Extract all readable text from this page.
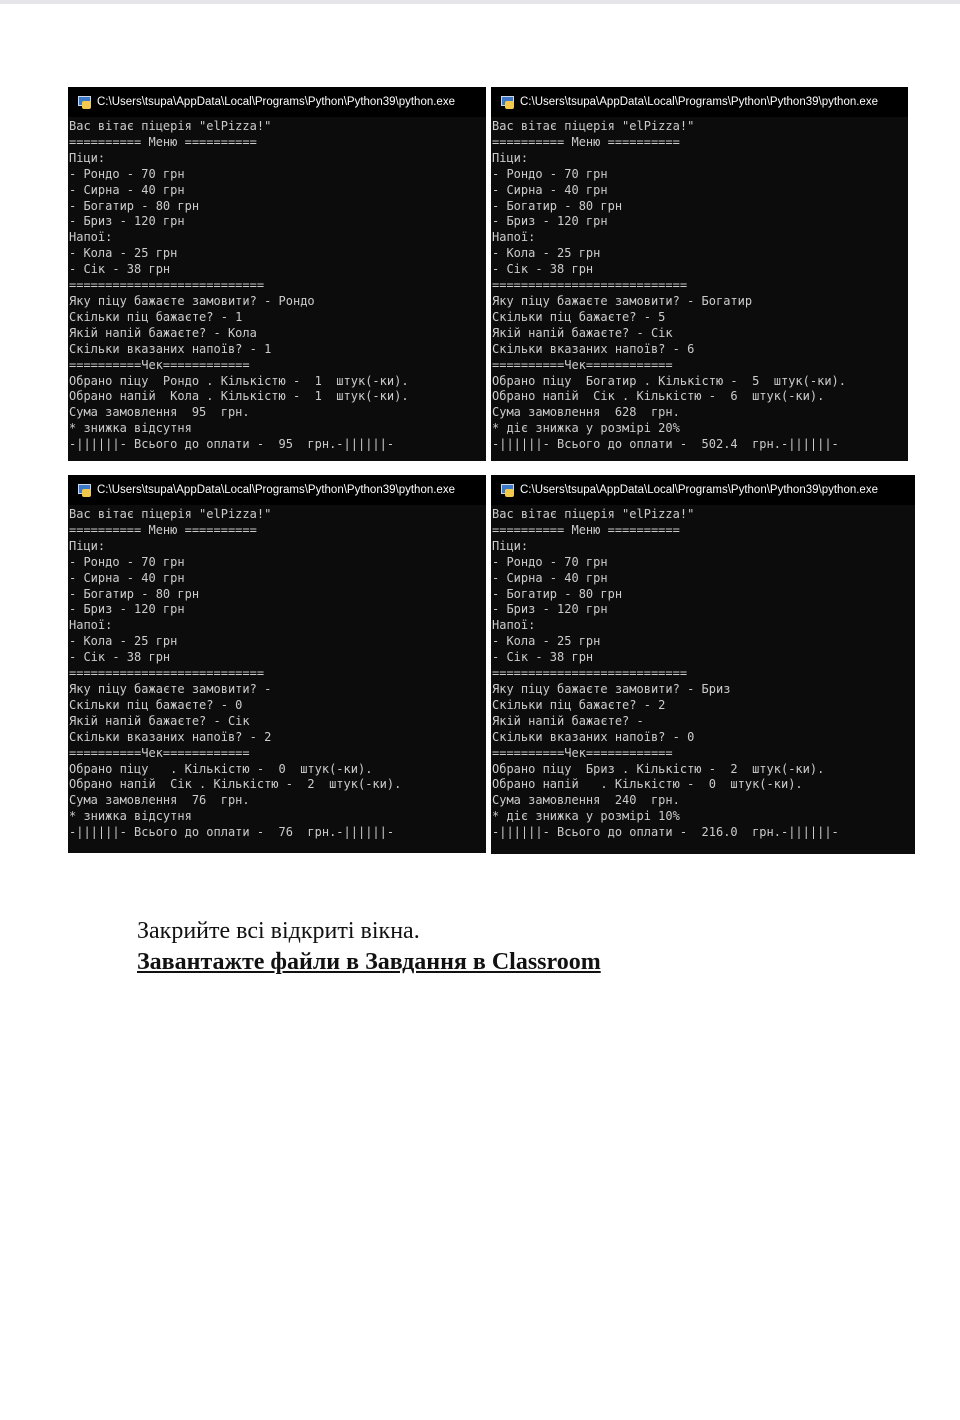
C:\Users\tsupa\AppData\Local\Programs\Python\Python39\python.exe
Вас вітає піцерія "elPizza!"
========== Меню ==========
Піци:
- Рондо - 70 грн
- Сирна - 40 грн
- Богатир - 80 грн
- Бриз - 120 грн
Напої:
- Кола - 25 грн
- Сік - 38 грн
===========================
Яку піцу бажаєте замовити? - Рондо
Скільки піц бажаєте? - 1
Якій напій бажаєте? - Кола
Скільки вказаних напоїв? - 1
==========Чек============
Обрано піцу  Рондо . Кількістю -  1  штук(-ки).
Обрано напій  Кола . Кількістю -  1  штук(-ки).
Сума замовлення  95  грн.
* знижка відсутня
-||||||- Всього до оплати -  95  грн.-||||||-
C:\Users\tsupa\AppData\Local\Programs\Python\Python39\python.exe
Вас вітає піцерія "elPizza!"
========== Меню ==========
Піци:
- Рондо - 70 грн
- Сирна - 40 грн
- Богатир - 80 грн
- Бриз - 120 грн
Напої:
- Кола - 25 грн
- Сік - 38 грн
===========================
Яку піцу бажаєте замовити? - Богатир
Скільки піц бажаєте? - 5
Якій напій бажаєте? - Сік
Скільки вказаних напоїв? - 6
==========Чек============
Обрано піцу  Богатир . Кількістю -  5  штук(-ки).
Обрано напій  Сік . Кількістю -  6  штук(-ки).
Сума замовлення  628  грн.
* діє знижка у розмірі 20%
-||||||- Всього до оплати -  502.4  грн.-||||||-
C:\Users\tsupa\AppData\Local\Programs\Python\Python39\python.exe
Вас вітає піцерія "elPizza!"
========== Меню ==========
Піци:
- Рондо - 70 грн
- Сирна - 40 грн
- Богатир - 80 грн
- Бриз - 120 грн
Напої:
- Кола - 25 грн
- Сік - 38 грн
===========================
Яку піцу бажаєте замовити? -
Скільки піц бажаєте? - 0
Якій напій бажаєте? - Сік
Скільки вказаних напоїв? - 2
==========Чек============
Обрано піцу   . Кількістю -  0  штук(-ки).
Обрано напій  Сік . Кількістю -  2  штук(-ки).
Сума замовлення  76  грн.
* знижка відсутня
-||||||- Всього до оплати -  76  грн.-||||||-
C:\Users\tsupa\AppData\Local\Programs\Python\Python39\python.exe
Вас вітає піцерія "elPizza!"
========== Меню ==========
Піци:
- Рондо - 70 грн
- Сирна - 40 грн
- Богатир - 80 грн
- Бриз - 120 грн
Напої:
- Кола - 25 грн
- Сік - 38 грн
===========================
Яку піцу бажаєте замовити? - Бриз
Скільки піц бажаєте? - 2
Якій напій бажаєте? -
Скільки вказаних напоїв? - 0
==========Чек============
Обрано піцу  Бриз . Кількістю -  2  штук(-ки).
Обрано напій   . Кількістю -  0  штук(-ки).
Сума замовлення  240  грн.
* діє знижка у розмірі 10%
-||||||- Всього до оплати -  216.0  грн.-||||||-
Закрийте всі відкриті вікна.
Завантажте файли в Завдання в Classroom
